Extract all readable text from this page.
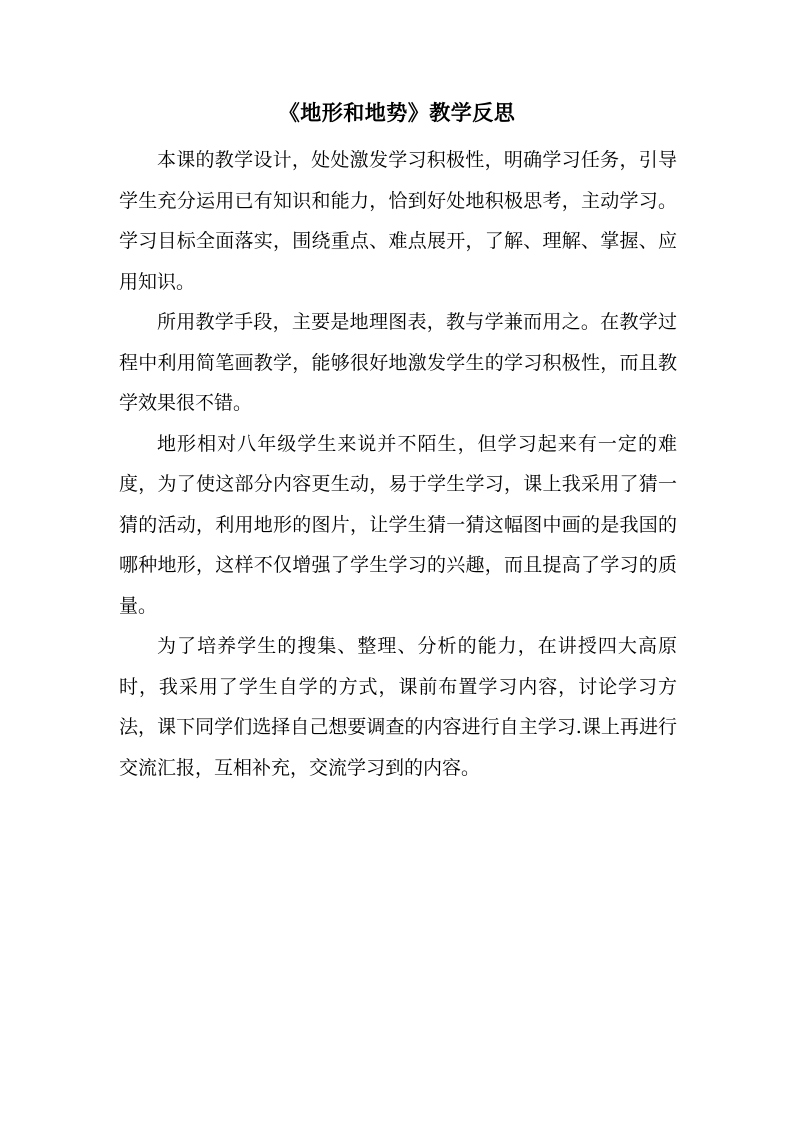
《地形和地势》教学反思

本课的教学设计，处处激发学习积极性，明确学习任务，引导学生充分运用已有知识和能力，恰到好处地积极思考，主动学习。学习目标全面落实，围绕重点、难点展开，了解、理解、掌握、应用知识。

所用教学手段，主要是地理图表，教与学兼而用之。在教学过程中利用简笔画教学，能够很好地激发学生的学习积极性，而且教学效果很不错。

地形相对八年级学生来说并不陌生，但学习起来有一定的难度，为了使这部分内容更生动，易于学生学习，课上我采用了猜一猜的活动，利用地形的图片，让学生猜一猜这幅图中画的是我国的哪种地形，这样不仅增强了学生学习的兴趣，而且提高了学习的质量。

为了培养学生的搜集、整理、分析的能力，在讲授四大高原时，我采用了学生自学的方式，课前布置学习内容，讨论学习方法，课下同学们选择自己想要调查的内容进行自主学习.课上再进行交流汇报，互相补充，交流学习到的内容。
